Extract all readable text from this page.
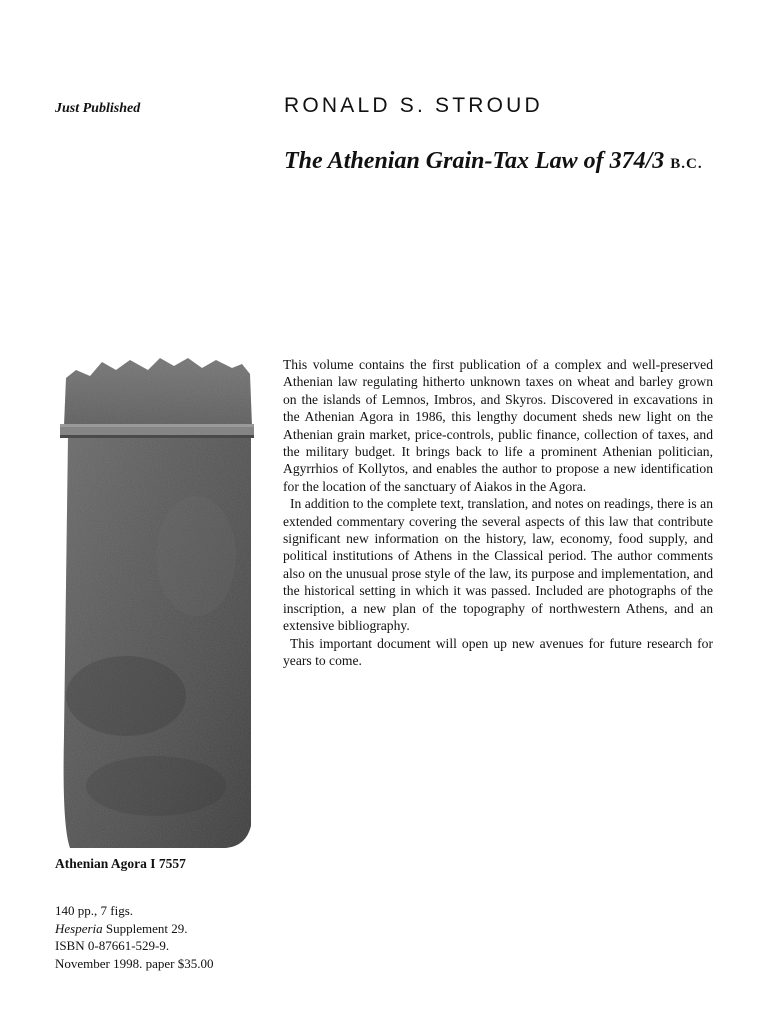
Just Published	RONALD S. STROUD
The Athenian Grain-Tax Law of 374/3 B.C.

This volume contains the first publication of a complex and well-preserved Athenian law regulating hitherto unknown taxes on wheat and barley grown on the islands of Lemnos, Imbros, and Skyros. Discovered in excavations in the Athenian Agora in 1986, this lengthy document sheds new light on the Athenian grain market, price-controls, public finance, collection of taxes, and the military budget. It brings back to life a prominent Athenian politician, Agyrrhios of Kollytos, and enables the author to propose a new identification for the location of the sanctuary of Aiakos in the Agora.

In addition to the complete text, translation, and notes on readings, there is an extended commentary covering the several aspects of this law that contribute significant new information on the history, law, economy, food supply, and political institutions of Athens in the Classical period. The author comments also on the unusual prose style of the law, its purpose and implementation, and the historical setting in which it was passed. Included are photographs of the inscription, a new plan of the topography of northwestern Athens, and an extensive bibliography.

This important document will open up new avenues for future research for years to come.

Athenian Agora I 7557
140 pp., 7 figs.
Hesperia Supplement 29.
ISBN 0-87661-529-9.
November 1998. paper $35.00
